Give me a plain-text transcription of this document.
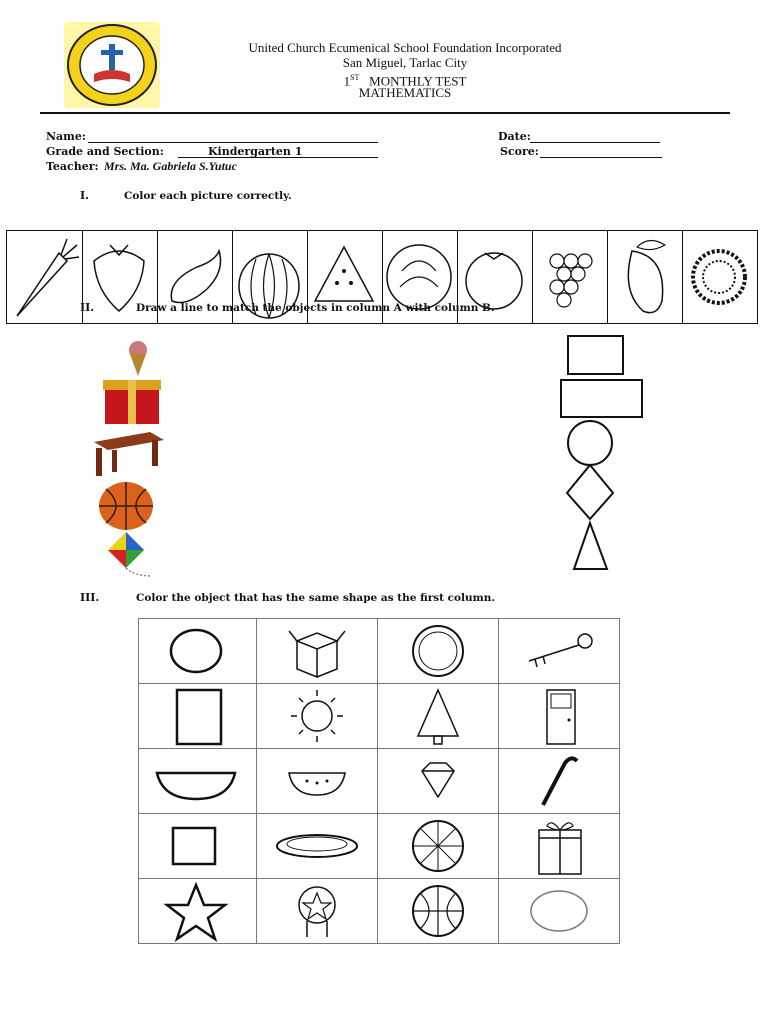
United Church Ecumenical School Foundation Incorporated
San Miguel, Tarlac City
1ST MONTHLY TEST
MATHEMATICS
Name:	Date:
Grade and Section:	Kindergarten 1	Score:
Teacher: Mrs. Ma. Gabriela S.Yutuc
I.	Color each picture correctly.
II.	Draw a line to match the objects in column A with column B.
III.	Color the object that has the same shape as the first column.
